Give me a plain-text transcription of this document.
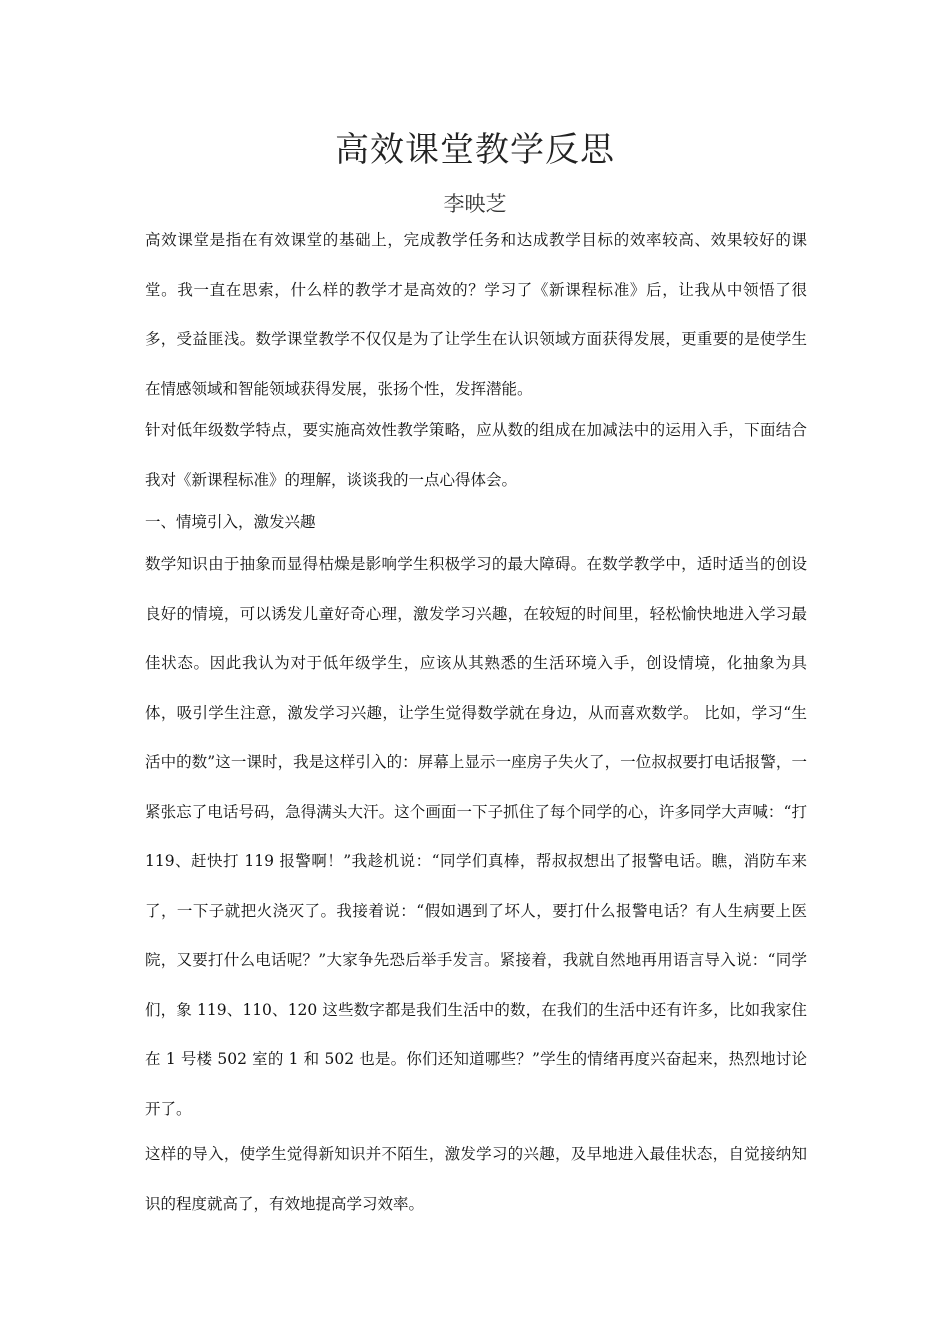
高效课堂教学反思
李映芝

高效课堂是指在有效课堂的基础上，完成教学任务和达成教学目标的效率较高、效果较好的课堂。我一直在思索，什么样的教学才是高效的？学习了《新课程标准》后，让我从中领悟了很多，受益匪浅。数学课堂教学不仅仅是为了让学生在认识领域方面获得发展，更重要的是使学生在情感领域和智能领域获得发展，张扬个性，发挥潜能。

针对低年级数学特点，要实施高效性教学策略，应从数的组成在加减法中的运用入手，下面结合我对《新课程标准》的理解，谈谈我的一点心得体会。

一、情境引入，激发兴趣

数学知识由于抽象而显得枯燥是影响学生积极学习的最大障碍。在数学教学中，适时适当的创设良好的情境，可以诱发儿童好奇心理，激发学习兴趣，在较短的时间里，轻松愉快地进入学习最佳状态。因此我认为对于低年级学生，应该从其熟悉的生活环境入手，创设情境，化抽象为具体，吸引学生注意，激发学习兴趣，让学生觉得数学就在身边，从而喜欢数学。 比如，学习“生活中的数”这一课时，我是这样引入的：屏幕上显示一座房子失火了，一位叔叔要打电话报警，一紧张忘了电话号码，急得满头大汗。这个画面一下子抓住了每个同学的心，许多同学大声喊：“打 119、赶快打 119 报警啊！”我趁机说：“同学们真棒，帮叔叔想出了报警电话。瞧，消防车来了，一下子就把火浇灭了。我接着说：“假如遇到了坏人，要打什么报警电话？有人生病要上医院，又要打什么电话呢？”大家争先恐后举手发言。紧接着，我就自然地再用语言导入说：“同学们，象 119、110、120 这些数字都是我们生活中的数，在我们的生活中还有许多，比如我家住在 1 号楼 502 室的 1 和 502 也是。你们还知道哪些？”学生的情绪再度兴奋起来，热烈地讨论开了。

这样的导入，使学生觉得新知识并不陌生，激发学习的兴趣，及早地进入最佳状态，自觉接纳知识的程度就高了，有效地提高学习效率。
